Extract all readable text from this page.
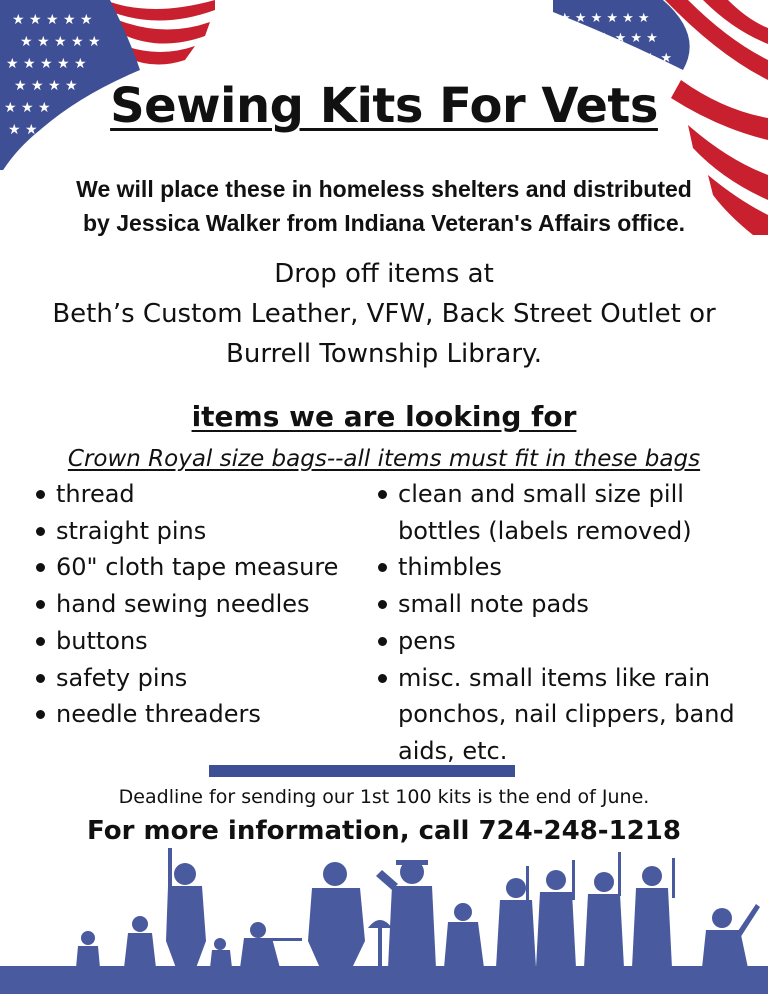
★ ★ ★ ★ ★
★ ★ ★ ★ ★
★ ★ ★ ★ ★
★ ★ ★ ★
★ ★ ★
★ ★
★ ★ ★ ★ ★ ★
★ ★ ★ ★ ★
★ ★ ★ ★
Sewing Kits For Vets
We will place these in homeless shelters and distributed
by Jessica Walker from Indiana Veteran's Affairs office.
Drop off items at
Beth’s Custom Leather, VFW, Back Street Outlet or
Burrell Township Library.
items we are looking for
Crown Royal size bags--all items must fit in these bags
thread
straight pins
60" cloth tape measure
hand sewing needles
buttons
safety pins
needle threaders
clean and small size pill bottles (labels removed)
thimbles
small note pads
pens
misc. small items like rain ponchos, nail clippers, band aids, etc.
Deadline for sending our 1st 100 kits is the end of June.
For more information, call 724-248-1218
